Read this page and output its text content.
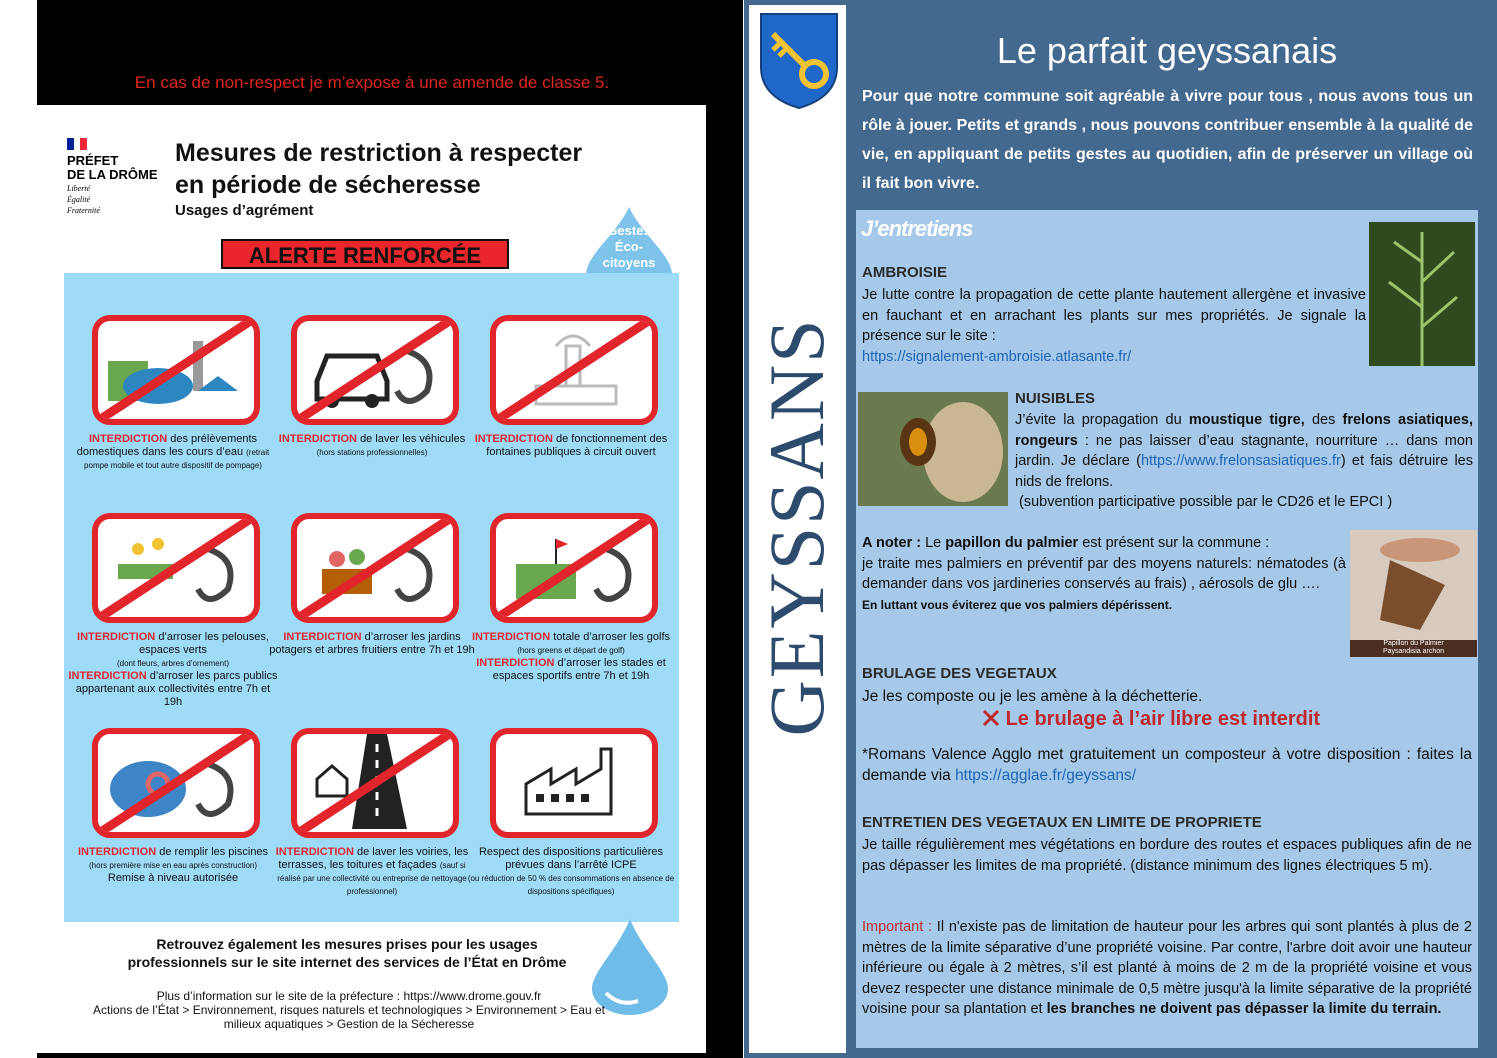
En cas de non-respect je m’expose à une amende de classe 5.
PRÉFET
DE LA DRÔME
Liberté
Égalité
Fraternité
Mesures de restriction à respecter
en période de sécheresse
Usages d’agrément
ALERTE RENFORCÉE
Gestes
Éco-
citoyens
INTERDICTION des prélèvements domestiques dans les cours d’eau (retrait pompe mobile et tout autre dispositif de pompage)
INTERDICTION de laver les véhicules
(hors stations professionnelles)
INTERDICTION de fonctionnement des fontaines publiques à circuit ouvert
INTERDICTION d’arroser les pelouses, espaces verts
(dont fleurs, arbres d’ornement)
INTERDICTION d’arroser les parcs publics appartenant aux collectivités entre 7h et 19h
INTERDICTION d’arroser les jardins potagers et arbres fruitiers entre 7h et 19h
INTERDICTION totale d’arroser les golfs (hors greens et départ de golf)
INTERDICTION d’arroser les stades et espaces sportifs entre 7h et 19h
INTERDICTION de remplir les piscines (hors première mise en eau après construction)
Remise à niveau autorisée
INTERDICTION de laver les voiries, les terrasses, les toitures et façades (sauf si réalisé par une collectivité ou entreprise de nettoyage professionnel)
Respect des dispositions particulières prévues dans l’arrêté ICPE
(ou réduction de 50 % des consommations en absence de dispositions spécifiques)
Retrouvez également les mesures prises pour les usages
professionnels sur le site internet des services de l’État en Drôme
Plus d’information sur le site de la préfecture : https://www.drome.gouv.fr
Actions de l’État > Environnement, risques naturels et technologiques > Environnement > Eau et
milieux aquatiques > Gestion de la Sécheresse
GEYSSANS
Le parfait geyssanais
Pour que notre commune soit agréable à vivre pour tous , nous avons tous un rôle à jouer. Petits et grands , nous pouvons contribuer ensemble à la qualité de vie, en appliquant de petits gestes au quotidien, afin de préserver un village où il fait bon vivre.
J’entretiens
AMBROISIE
Je lutte contre la propagation de cette plante hautement allergène et invasive en fauchant et en arrachant les plants sur mes propriétés. Je signale la présence sur le site :
https://signalement-ambroisie.atlasante.fr/
NUISIBLES
J’évite la propagation du moustique tigre, des frelons asiatiques, rongeurs : ne pas laisser d’eau stagnante, nourriture … dans mon jardin. Je déclare (https://www.frelonsasiatiques.fr) et fais détruire les nids de frelons.
(subvention participative possible par le CD26 et le EPCI )
Papillon du Palmier
Paysandisia archon
A noter : Le papillon du palmier est présent sur la commune :
je traite mes palmiers en préventif par des moyens naturels: nématodes (à demander dans vos jardineries conservés au frais) , aérosols de glu ….
En luttant vous éviterez que vos palmiers dépérissent.
BRULAGE DES VEGETAUX
Je les composte ou je les amène à la déchetterie.
Le brulage à l’air libre est interdit
*Romans Valence Agglo met gratuitement un composteur à votre disposition : faites la demande via https://agglae.fr/geyssans/
ENTRETIEN DES VEGETAUX EN LIMITE DE PROPRIETE
Je taille régulièrement mes végétations en bordure des routes et espaces publiques afin de ne pas dépasser les limites de ma propriété. (distance minimum des lignes électriques 5 m).
Important : Il n'existe pas de limitation de hauteur pour les arbres qui sont plantés à plus de 2 mètres de la limite séparative d’une propriété voisine. Par contre, l'arbre doit avoir une hauteur inférieure ou égale à 2 mètres, s’il est planté à moins de 2 m de la propriété voisine et vous devez respecter une distance minimale de 0,5 mètre jusqu'à la limite séparative de la propriété voisine pour sa plantation et les branches ne doivent pas dépasser la limite du terrain.
